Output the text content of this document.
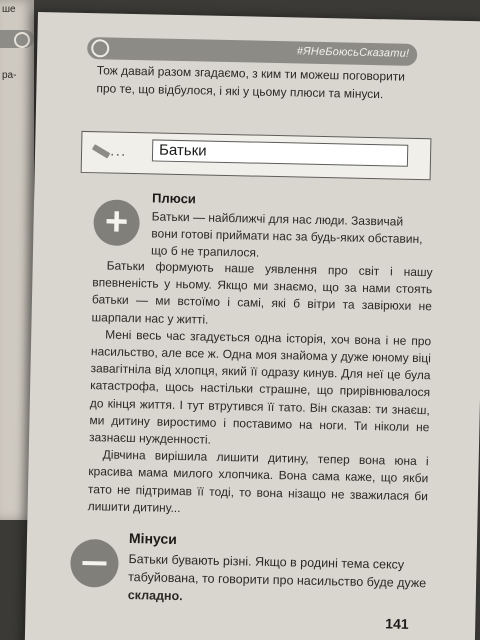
ше
ра-
#ЯНеБоюсьСказати!
Тож давай разом згадаємо, з ким ти можеш поговорити про те, що відбулося, і які у цьому плюси та мінуси.
...	Батьки
+
Плюси
Батьки — найближчі для нас люди. Зазвичай вони готові приймати нас за будь-яких обставин, що б не трапилося.

Батьки формують наше уявлення про світ і нашу впевненість у ньому. Якщо ми знаємо, що за нами стоять батьки — ми встоїмо і самі, які б вітри та завірюхи не шарпали нас у житті.

Мені весь час згадується одна історія, хоч вона і не про насильство, але все ж. Одна моя знайома у дуже юному віці завагітніла від хлопця, який її одразу кинув. Для неї це була катастрофа, щось настільки страшне, що прирівнювалося до кінця життя. І тут втрутився її тато. Він сказав: ти знаєш, ми дитину виростимо і поставимо на ноги. Ти ніколи не зазнаєш нужденності.

Дівчина вирішила лишити дитину, тепер вона юна і красива мама милого хлопчика. Вона сама каже, що якби тато не підтримав її тоді, то вона нізащо не зважилася би лишити дитину...

Мінуси
Батьки бувають різні. Якщо в родині тема сексу табуйована, то говорити про насильство буде дуже складно.
141
